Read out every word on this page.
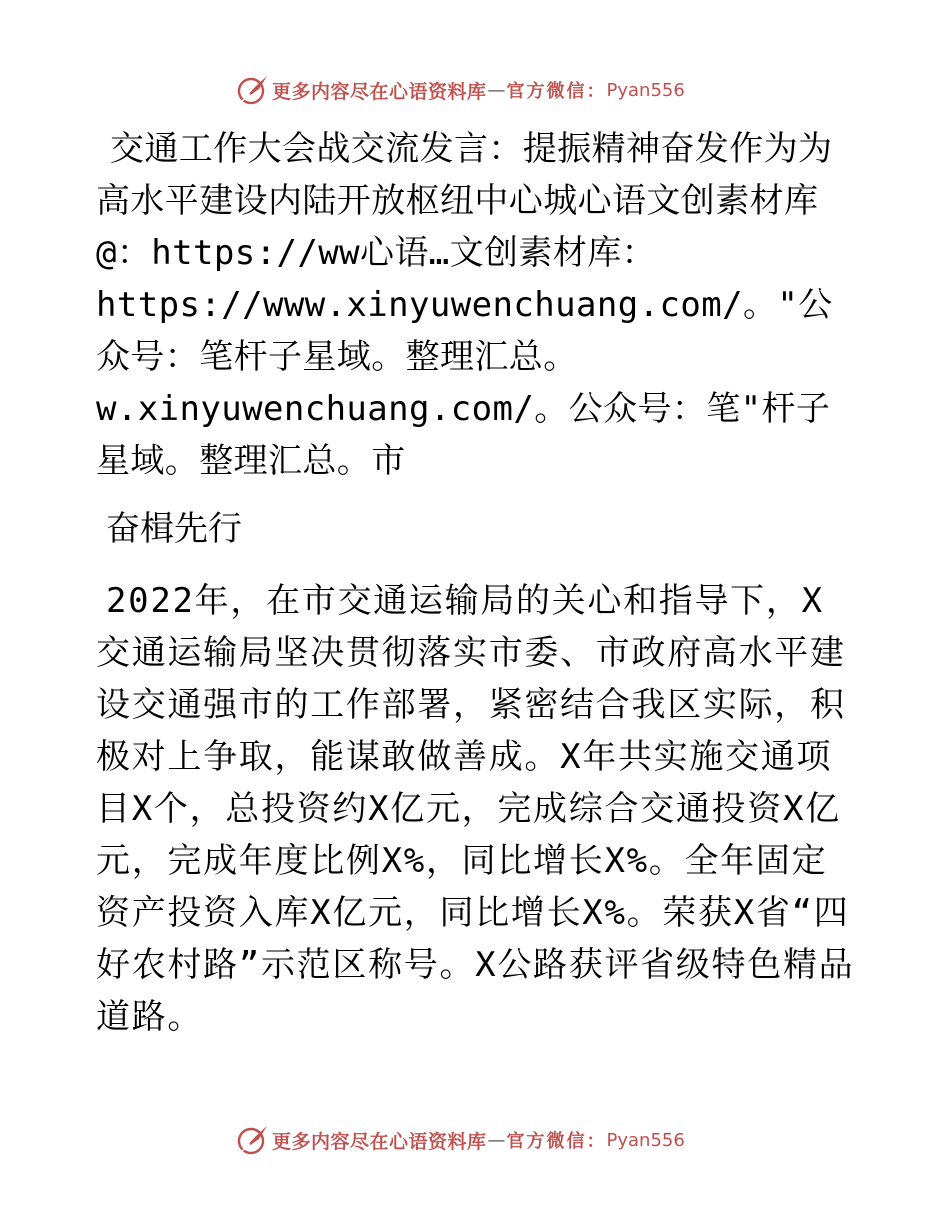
更多内容尽在心语资料库 — 官方微信： Pyan556

交通工作大会战交流发言：提振精神奋发作为为高水平建设内陆开放枢纽中心城心语文创素材库@：https://ww心语…文创素材库：https://www.xinyuwenchuang.com/。"公众号：笔杆子星域。整理汇总。w.xinyuwenchuang.com/。公众号：笔"杆子星域。整理汇总。市

奋楫先行

2022年，在市交通运输局的关心和指导下，X交通运输局坚决贯彻落实市委、市政府高水平建设交通强市的工作部署，紧密结合我区实际，积极对上争取，能谋敢做善成。X年共实施交通项目X个，总投资约X亿元，完成综合交通投资X亿元，完成年度比例X%，同比增长X%。全年固定资产投资入库X亿元，同比增长X%。荣获X省“四好农村路”示范区称号。X公路获评省级特色精品道路。

更多内容尽在心语资料库 — 官方微信： Pyan556
